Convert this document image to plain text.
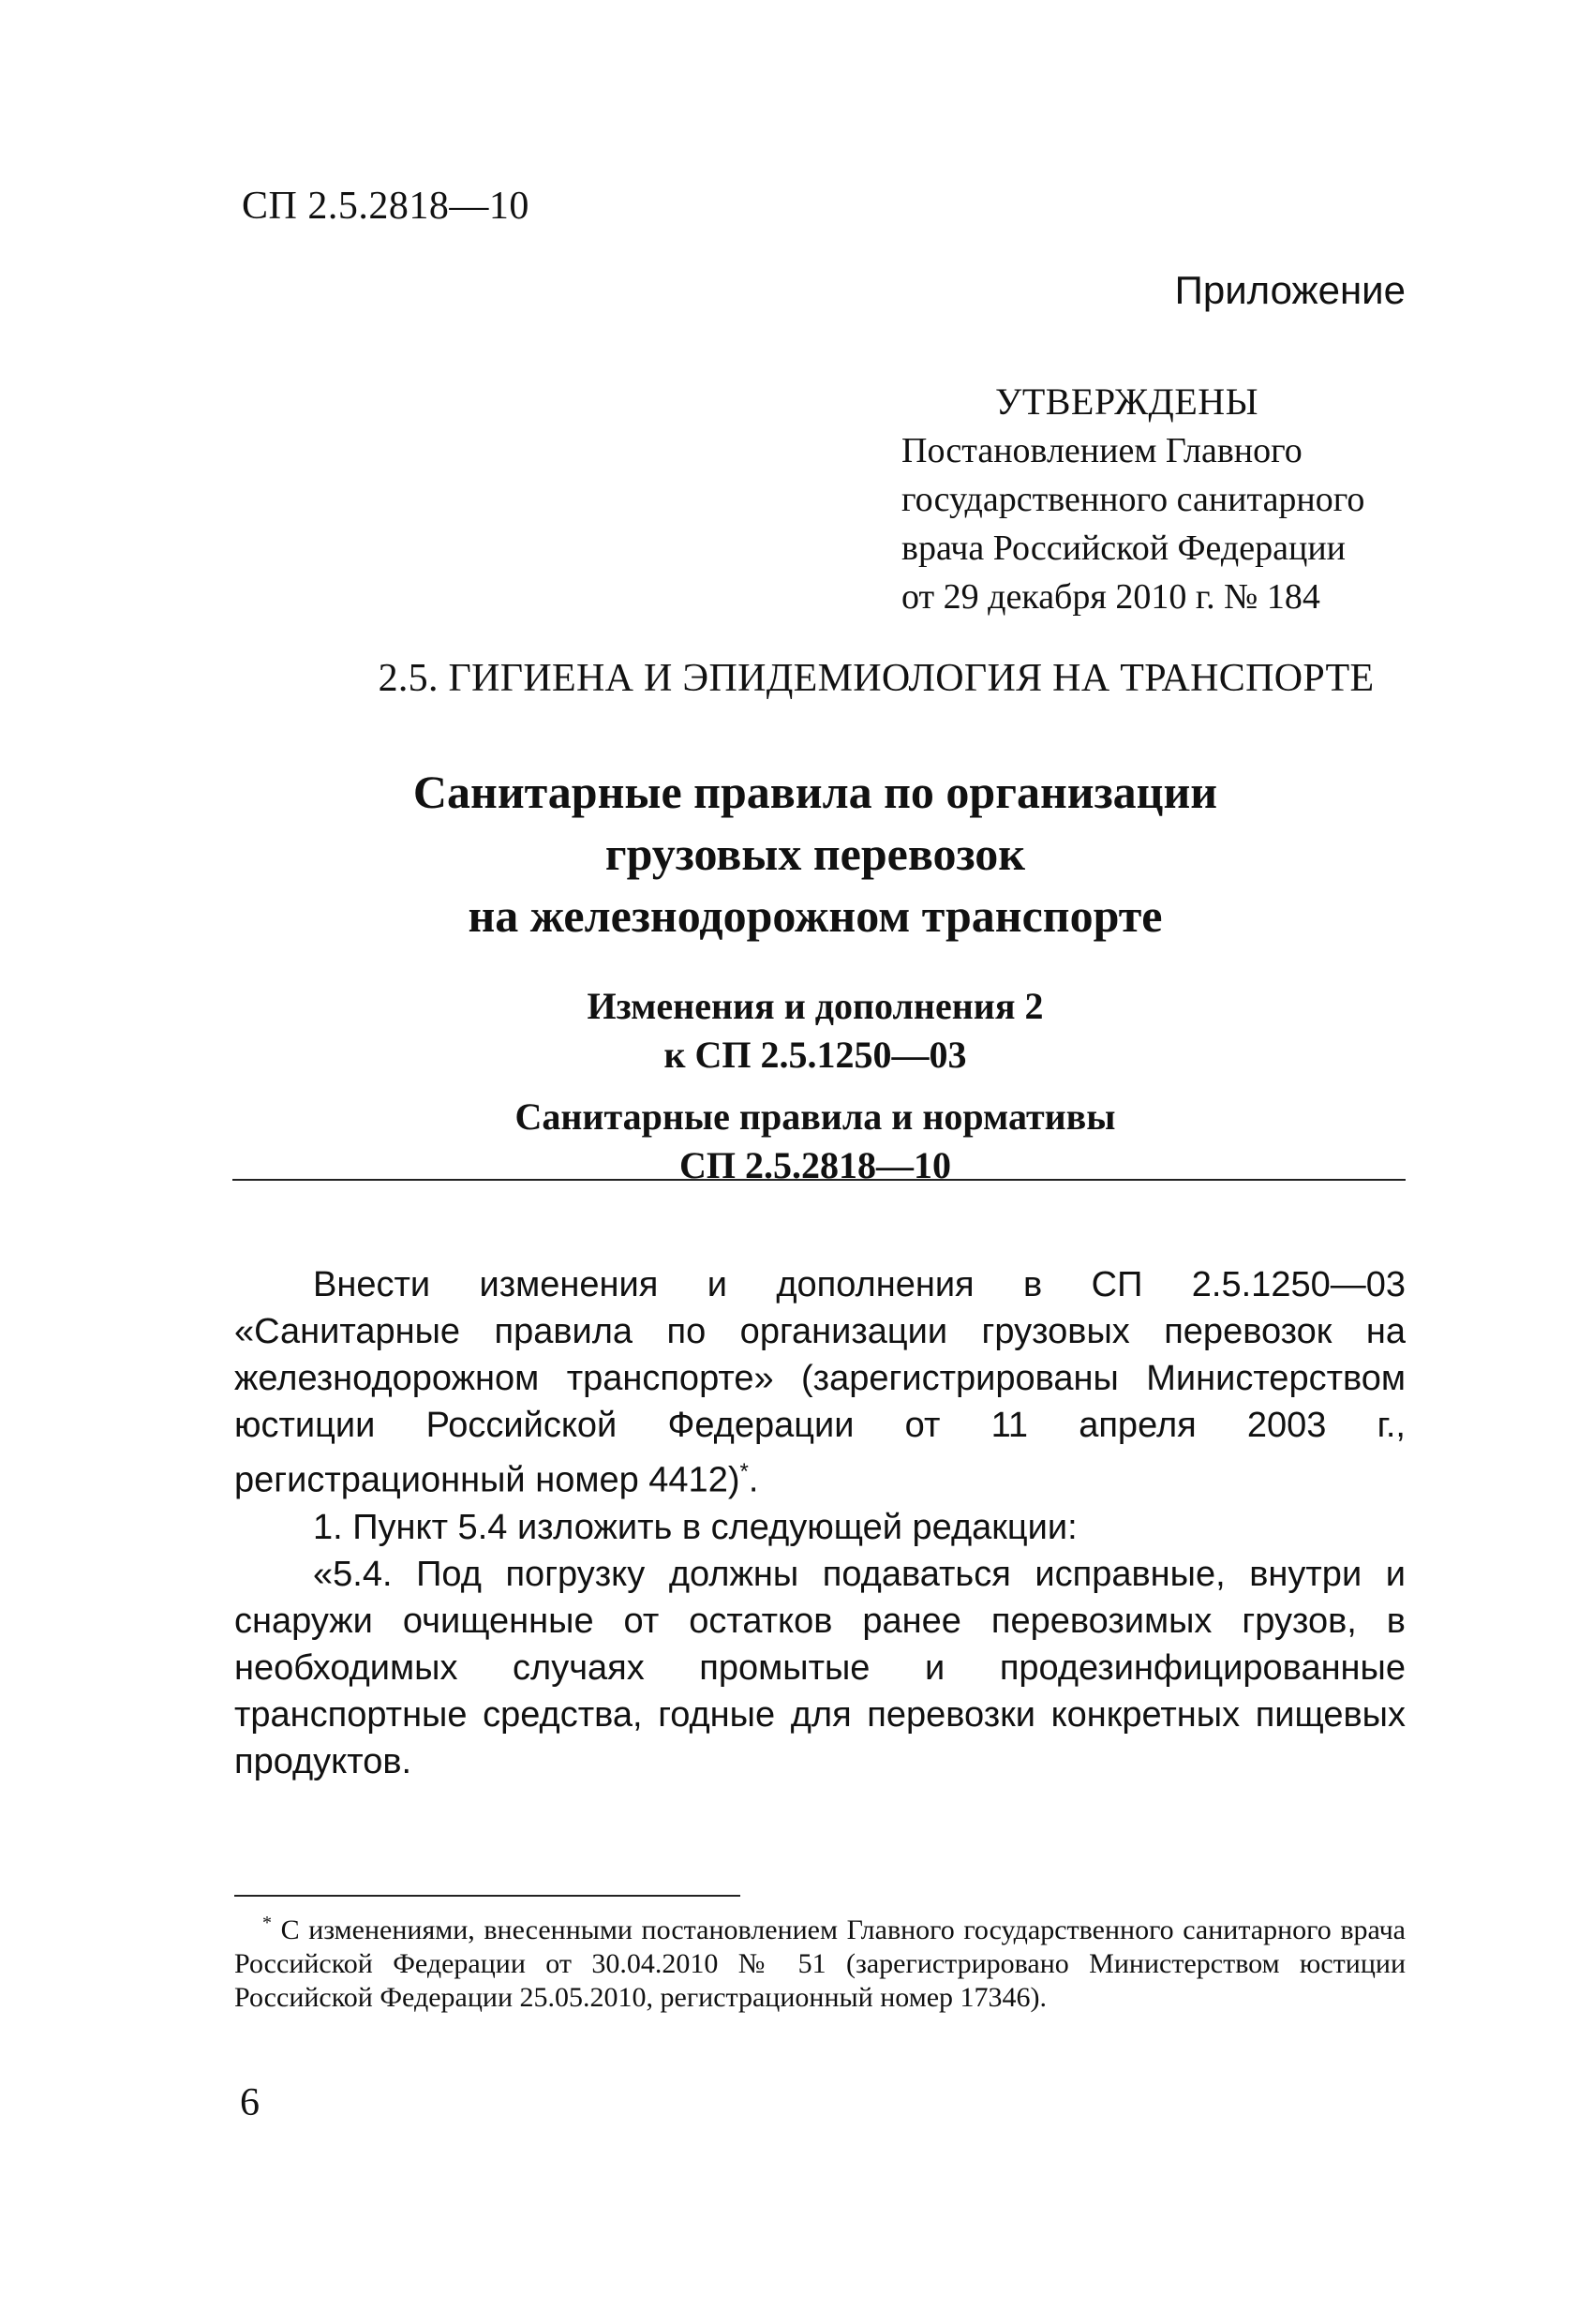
СП 2.5.2818—10
Приложение
УТВЕРЖДЕНЫ
Постановлением Главного
государственного санитарного
врача Российской Федерации
от 29 декабря 2010 г. № 184
2.5. ГИГИЕНА И ЭПИДЕМИОЛОГИЯ НА ТРАНСПОРТЕ
Санитарные правила по организации
грузовых перевозок
на железнодорожном транспорте
Изменения и дополнения 2
к СП 2.5.1250—03
Санитарные правила и нормативы
СП 2.5.2818—10

Внести изменения и дополнения в СП 2.5.1250—03 «Санитарные правила по организации грузовых перевозок на железнодорожном транспорте» (зарегистрированы Министерством юстиции Российской Федерации от 11 апреля 2003 г., регистрационный номер 4412)*.

1. Пункт 5.4 изложить в следующей редакции:

«5.4. Под погрузку должны подаваться исправные, внутри и снаружи очищенные от остатков ранее перевозимых грузов, в необходимых случаях промытые и продезинфицированные транспортные средства, годные для перевозки конкретных пищевых продуктов.

* С изменениями, внесенными постановлением Главного государственного санитарного врача Российской Федерации от 30.04.2010 № 51 (зарегистрировано Министерством юстиции Российской Федерации 25.05.2010, регистрационный номер 17346).
6
